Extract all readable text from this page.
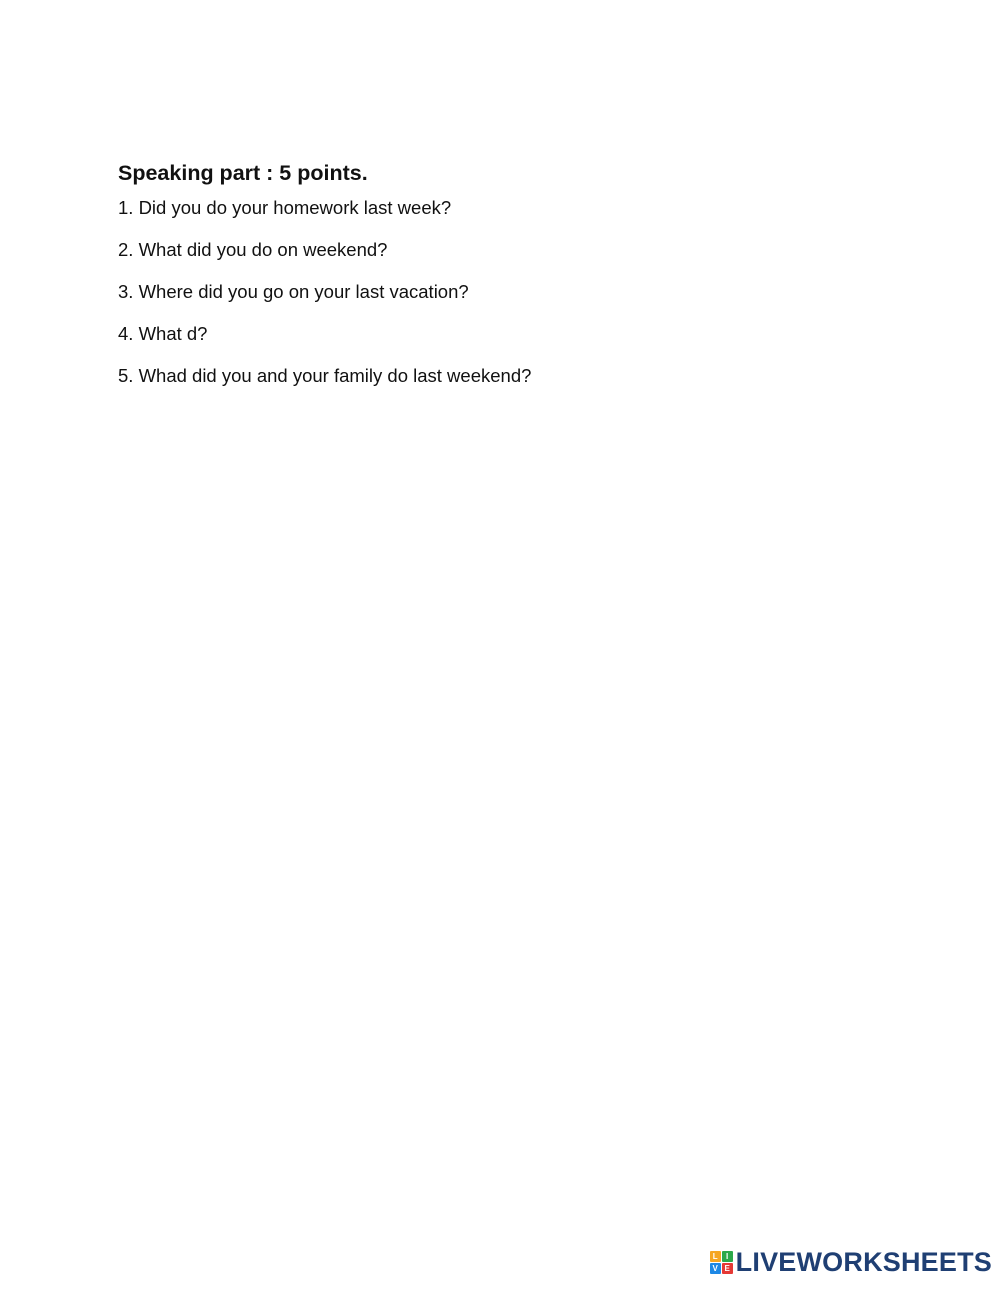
Speaking part : 5 points.
1. Did you do your homework last week?
2. What did you do on weekend?
3. Where did you go on your last vacation?
4. What d?
5. Whad did you and your family do last weekend?
L	I
V E LIVEWORKSHEETS
